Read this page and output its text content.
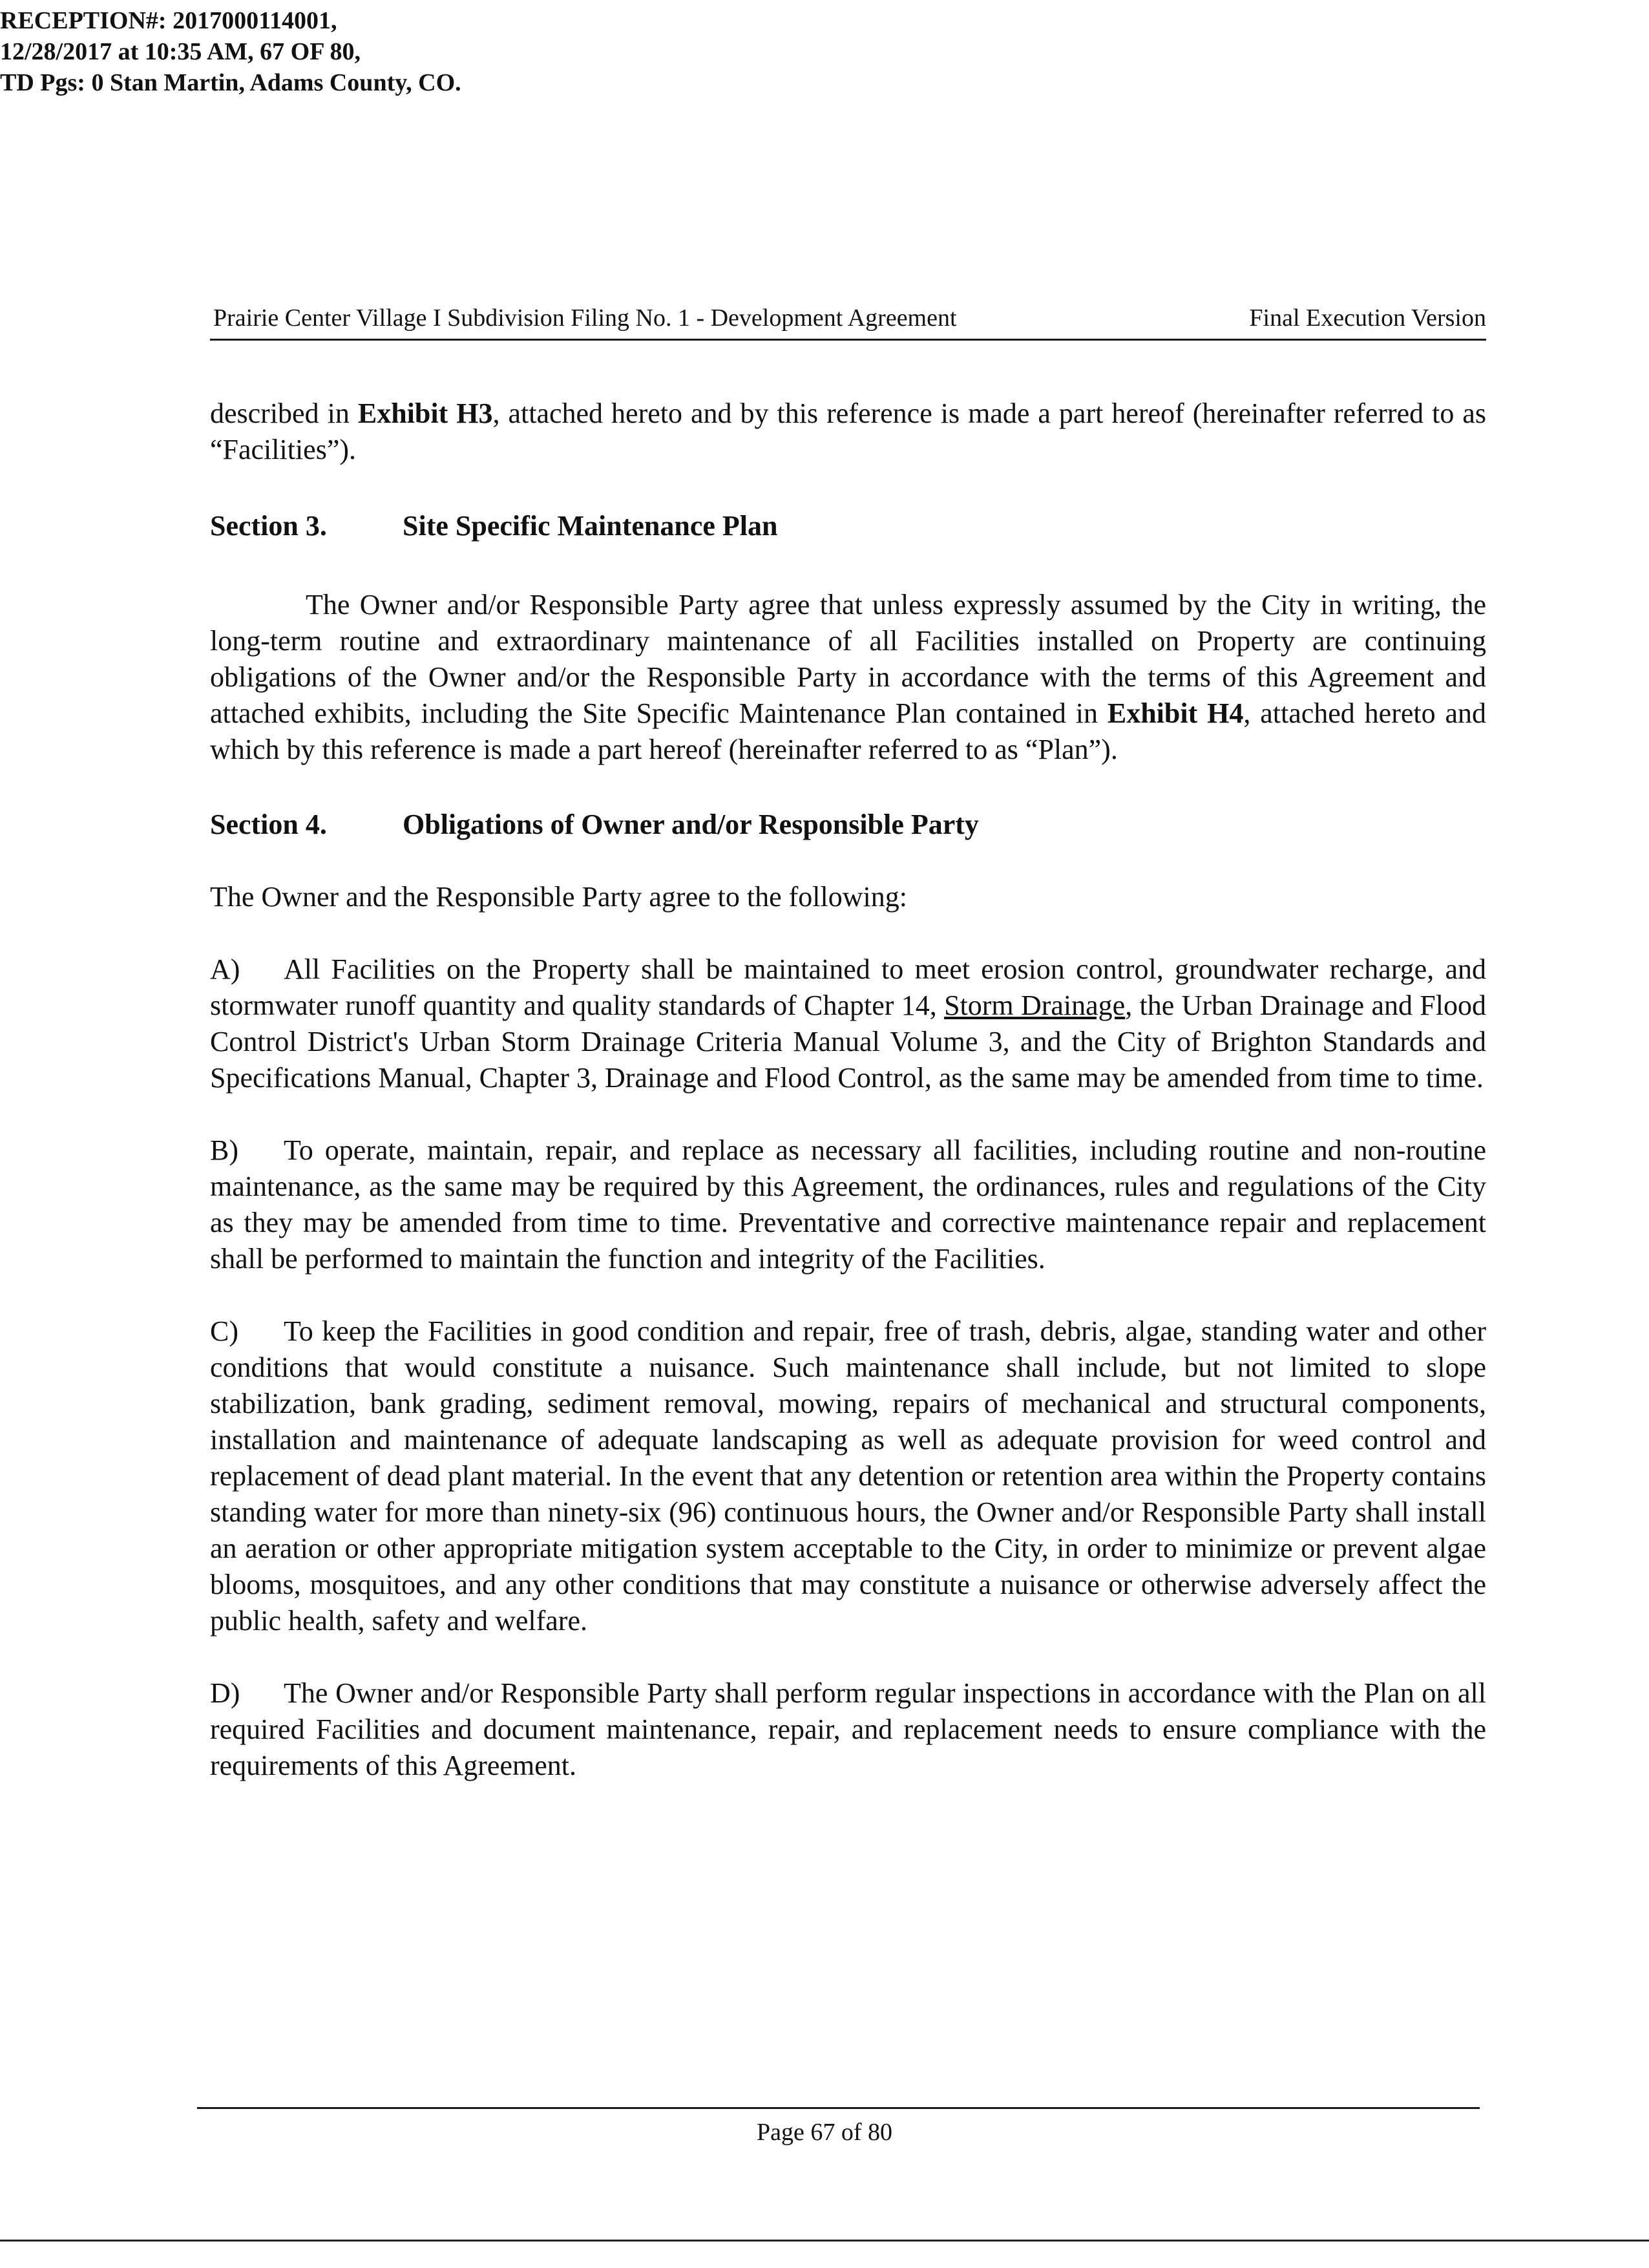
RECEPTION#: 2017000114001,
12/28/2017 at 10:35 AM, 67 OF 80,
TD Pgs: 0 Stan Martin, Adams County, CO.
Prairie Center Village I Subdivision Filing No. 1 - Development Agreement	Final Execution Version

described in Exhibit H3, attached hereto and by this reference is made a part hereof (hereinafter referred to as “Facilities”).

Section 3.	Site Specific Maintenance Plan

The Owner and/or Responsible Party agree that unless expressly assumed by the City in writing, the long-term routine and extraordinary maintenance of all Facilities installed on Property are continuing obligations of the Owner and/or the Responsible Party in accordance with the terms of this Agreement and attached exhibits, including the Site Specific Maintenance Plan contained in Exhibit H4, attached hereto and which by this reference is made a part hereof (hereinafter referred to as “Plan”).

Section 4.	Obligations of Owner and/or Responsible Party

The Owner and the Responsible Party agree to the following:

A) All Facilities on the Property shall be maintained to meet erosion control, groundwater recharge, and stormwater runoff quantity and quality standards of Chapter 14, Storm Drainage, the Urban Drainage and Flood Control District's Urban Storm Drainage Criteria Manual Volume 3, and the City of Brighton Standards and Specifications Manual, Chapter 3, Drainage and Flood Control, as the same may be amended from time to time.

B) To operate, maintain, repair, and replace as necessary all facilities, including routine and non-routine maintenance, as the same may be required by this Agreement, the ordinances, rules and regulations of the City as they may be amended from time to time. Preventative and corrective maintenance repair and replacement shall be performed to maintain the function and integrity of the Facilities.

C) To keep the Facilities in good condition and repair, free of trash, debris, algae, standing water and other conditions that would constitute a nuisance. Such maintenance shall include, but not limited to slope stabilization, bank grading, sediment removal, mowing, repairs of mechanical and structural components, installation and maintenance of adequate landscaping as well as adequate provision for weed control and replacement of dead plant material. In the event that any detention or retention area within the Property contains standing water for more than ninety-six (96) continuous hours, the Owner and/or Responsible Party shall install an aeration or other appropriate mitigation system acceptable to the City, in order to minimize or prevent algae blooms, mosquitoes, and any other conditions that may constitute a nuisance or otherwise adversely affect the public health, safety and welfare.

D) The Owner and/or Responsible Party shall perform regular inspections in accordance with the Plan on all required Facilities and document maintenance, repair, and replacement needs to ensure compliance with the requirements of this Agreement.

Page 67 of 80
